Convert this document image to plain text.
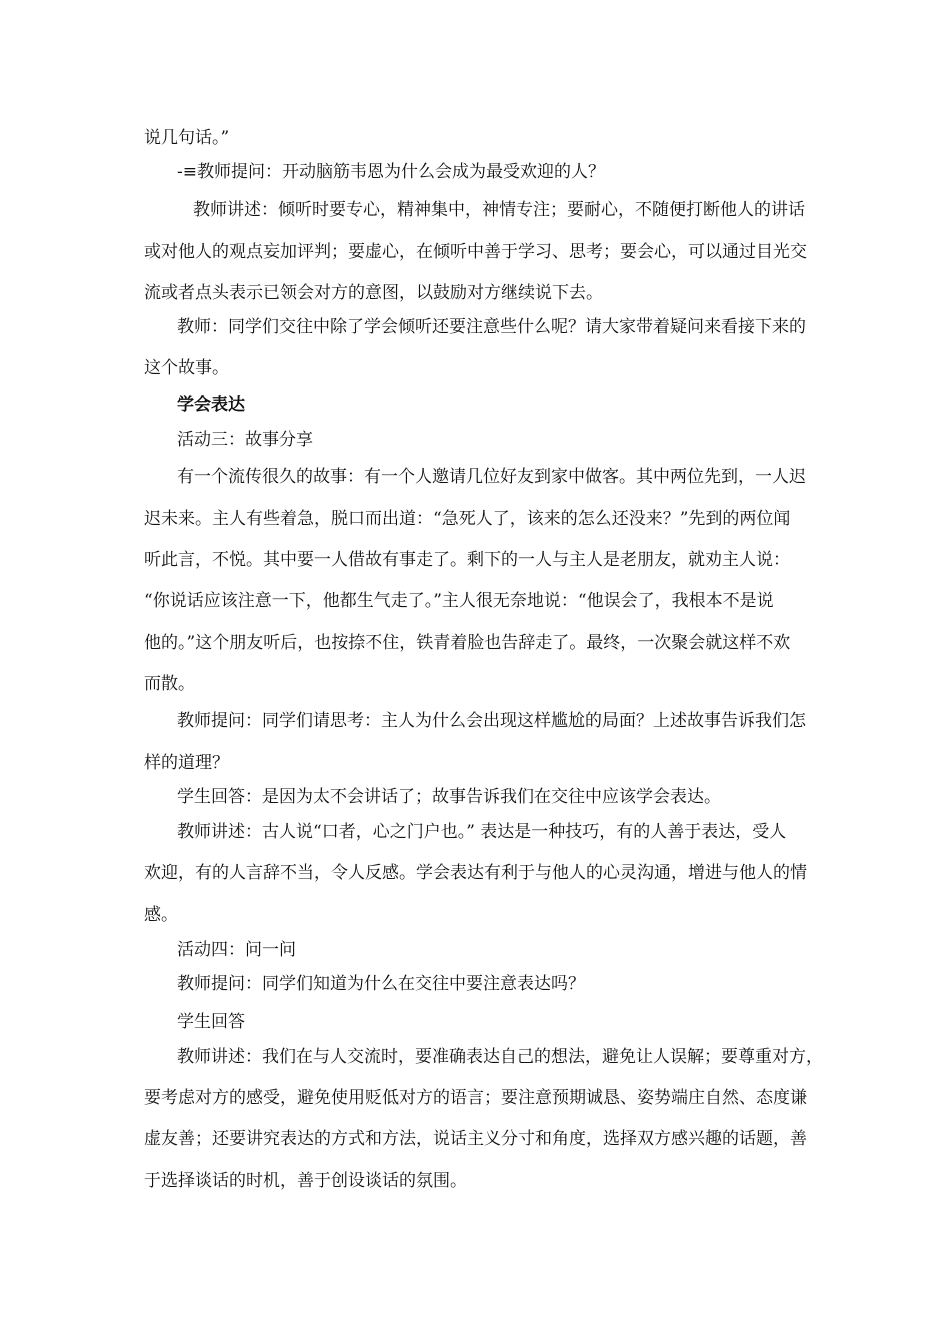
说几句话。”
-≡教师提问：开动脑筋韦恩为什么会成为最受欢迎的人？
教师讲述：倾听时要专心，精神集中，神情专注；要耐心，不随便打断他人的讲话
或对他人的观点妄加评判；要虚心，在倾听中善于学习、思考；要会心，可以通过目光交
流或者点头表示已领会对方的意图，以鼓励对方继续说下去。
教师：同学们交往中除了学会倾听还要注意些什么呢？请大家带着疑问来看接下来的
这个故事。
学会表达
活动三：故事分享
有一个流传很久的故事：有一个人邀请几位好友到家中做客。其中两位先到，一人迟
迟未来。主人有些着急，脱口而出道：“急死人了，该来的怎么还没来？”先到的两位闻
听此言，不悦。其中要一人借故有事走了。剩下的一人与主人是老朋友，就劝主人说：
“你说话应该注意一下，他都生气走了。”主人很无奈地说：“他误会了，我根本不是说
他的。”这个朋友听后，也按捺不住，铁青着脸也告辞走了。最终，一次聚会就这样不欢
而散。
教师提问：同学们请思考：主人为什么会出现这样尴尬的局面？上述故事告诉我们怎
样的道理？
学生回答：是因为太不会讲话了；故事告诉我们在交往中应该学会表达。
教师讲述：古人说“口者，心之门户也。” 表达是一种技巧，有的人善于表达，受人
欢迎，有的人言辞不当，令人反感。学会表达有利于与他人的心灵沟通，增进与他人的情
感。
活动四：问一问
教师提问：同学们知道为什么在交往中要注意表达吗？
学生回答
教师讲述：我们在与人交流时，要准确表达自己的想法，避免让人误解；要尊重对方，
要考虑对方的感受，避免使用贬低对方的语言；要注意预期诚恳、姿势端庄自然、态度谦
虚友善；还要讲究表达的方式和方法，说话主义分寸和角度，选择双方感兴趣的话题，善
于选择谈话的时机，善于创设谈话的氛围。
